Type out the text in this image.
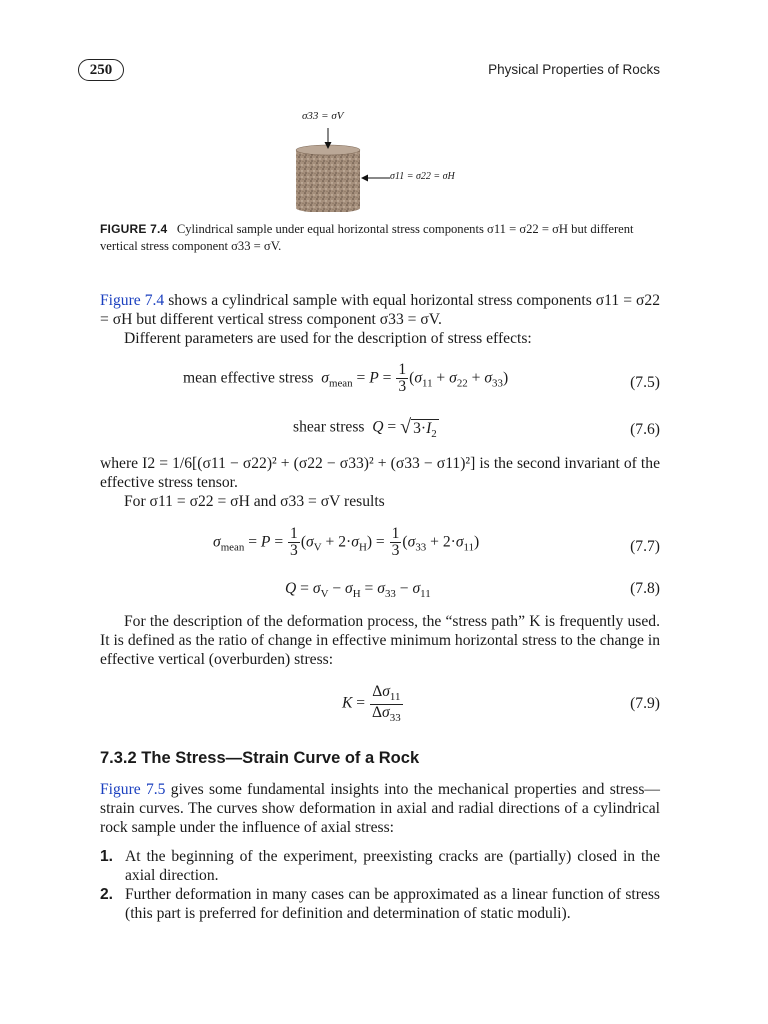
250	Physical Properties of Rocks
σ33 = σV
σ11 = σ22 = σH
FIGURE 7.4 Cylindrical sample under equal horizontal stress components σ11 = σ22 = σH but different vertical stress component σ33 = σV.
Figure 7.4 shows a cylindrical sample with equal horizontal stress components σ11 = σ22 = σH but different vertical stress component σ33 = σV.
Different parameters are used for the description of stress effects:
mean effective stress $\sigma_{mean} = P = \frac{1}{3} (\sigma_{11} + \sigma_{22} + \sigma_{33})$	(7.5)
shear stress Q = √ $3\cdot I_2$	(7.6)
where I2 = 1/6[(σ11 − σ22)² + (σ22 − σ33)² + (σ33 − σ11)²] is the second invariant of the effective stress tensor.
For σ11 = σ22 = σH and σ33 = σV results
$\sigma_{mean} = P = \frac{1}{3} (\sigma_V + 2\cdot\sigma_H) = \frac{1}{3} (\sigma_{33} + 2\cdot\sigma_{11})$	(7.7)
$Q = \sigma_V - \sigma_H = \sigma_{33} - \sigma_{11}$	(7.8)
For the description of the deformation process, the “stress path” K is frequently used. It is defined as the ratio of change in effective minimum horizontal stress to the change in effective vertical (overburden) stress:
$K = \frac{\Delta\sigma_{11}}{\Delta\sigma_{33}}$	(7.9)
7.3.2 The Stress—Strain Curve of a Rock
Figure 7.5 gives some fundamental insights into the mechanical properties and stress—strain curves. The curves show deformation in axial and radial directions of a cylindrical rock sample under the influence of axial stress:
1. At the beginning of the experiment, preexisting cracks are (partially) closed in the axial direction.
2. Further deformation in many cases can be approximated as a linear function of stress (this part is preferred for definition and determination of static moduli).
